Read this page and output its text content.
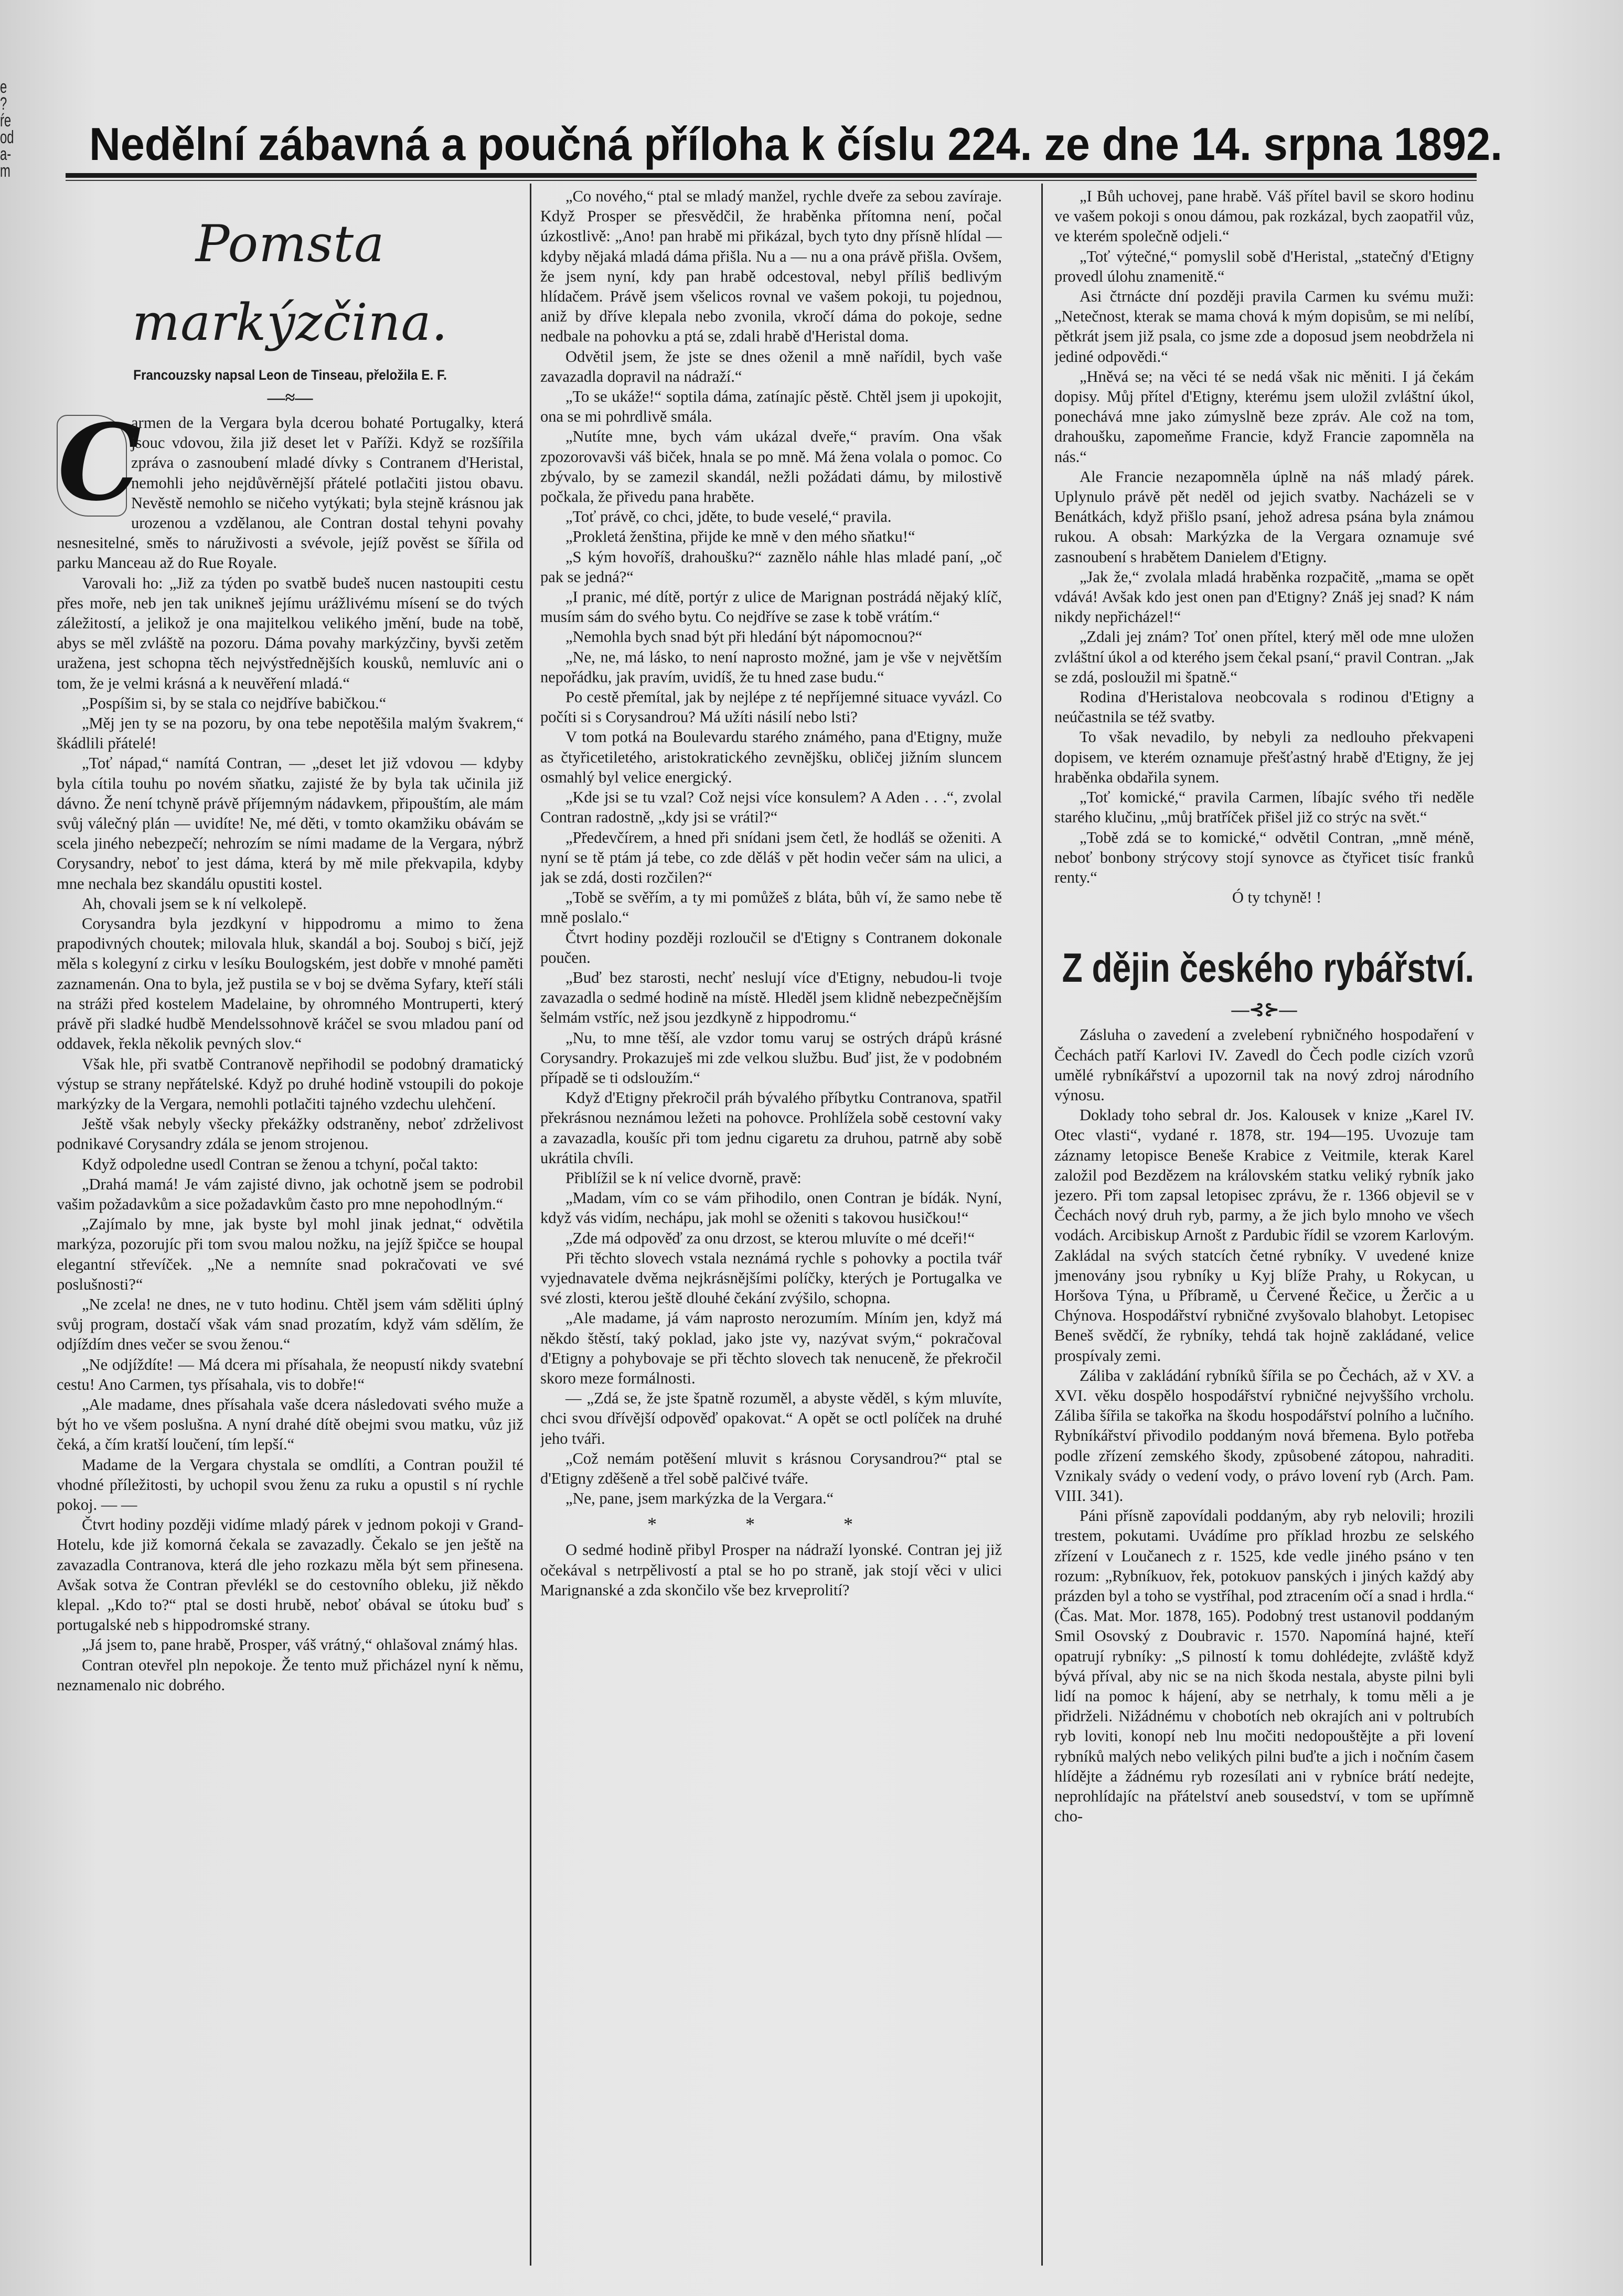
e
?
ŕe
od
a-
m
Nedělní zábavná a poučná příloha k číslu 224. ze dne 14. srpna 1892.
Pomsta markýzčina.
Francouzsky napsal Leon de Tinseau, přeložila E. F.
—≈—
C

armen de la Vergara byla dcerou bohaté Portugalky, která jsouc vdovou, žila již deset let v Paříži. Když se rozšířila zpráva o zasnoubení mladé dívky s Contranem d'Heristal, nemohli jeho nejdůvěrnější přátelé potlačiti jistou obavu. Nevěstě nemohlo se ničeho vytýkati; byla stejně krásnou jak urozenou a vzdělanou, ale Contran dostal tehyni povahy nesnesitelné, směs to náruživosti a svévole, jejíž pověst se šířila od parku Manceau až do Rue Royale.

Varovali ho: „Již za týden po svatbě budeš nucen nastoupiti cestu přes moře, neb jen tak unikneš jejímu urážlivému mísení se do tvých záležitostí, a jelikož je ona majitelkou velikého jmění, bude na tobě, abys se měl zvláště na pozoru. Dáma povahy markýzčiny, byvši zetěm uražena, jest schopna těch nejvýstřednějších kousků, nemluvíc ani o tom, že je velmi krásná a k neuvěření mladá.“

„Pospíšim si, by se stala co nejdříve babičkou.“

„Měj jen ty se na pozoru, by ona tebe nepotěšila malým švakrem,“ škádlili přátelé!

„Toť nápad,“ namítá Contran, — „deset let již vdovou — kdyby byla cítila touhu po novém sňatku, zajisté že by byla tak učinila již dávno. Že není tchyně právě příjemným nádavkem, připouštím, ale mám svůj válečný plán — uvidíte! Ne, mé děti, v tomto okamžiku obávám se scela jiného nebezpečí; nehrozím se ními madame de la Vergara, nýbrž Corysandry, neboť to jest dáma, která by mě mile překvapila, kdyby mne nechala bez skandálu opustiti kostel.

Ah, chovali jsem se k ní velkolepě.

Corysandra byla jezdkyní v hippodromu a mimo to žena prapodivných choutek; milovala hluk, skandál a boj. Souboj s bičí, jejž měla s kolegyní z cirku v lesíku Boulogském, jest dobře v mnohé paměti zaznamenán. Ona to byla, jež pustila se v boj se dvěma Syfary, kteří stáli na stráži před kostelem Madelaine, by ohromného Montruperti, který právě při sladké hudbě Mendelssohnově kráčel se svou mladou paní od oddavek, řekla několik pevných slov.“

Však hle, při svatbě Contranově nepřihodil se podobný dramatický výstup se strany nepřátelské. Když po druhé hodině vstoupili do pokoje markýzky de la Vergara, nemohli potlačiti tajného vzdechu ulehčení.

Ještě však nebyly všecky překážky odstraněny, neboť zdrželivost podnikavé Corysandry zdála se jenom strojenou.

Když odpoledne usedl Contran se ženou a tchyní, počal takto:

„Drahá mamá! Je vám zajisté divno, jak ochotně jsem se podrobil vašim požadavkům a sice požadavkům často pro mne nepohodlným.“

„Zajímalo by mne, jak byste byl mohl jinak jednat,“ odvětila markýza, pozorujíc při tom svou malou nožku, na jejíž špičce se houpal elegantní střevíček. „Ne a nemníte snad pokračovati ve své poslušnosti?“

„Ne zcela! ne dnes, ne v tuto hodinu. Chtěl jsem vám sděliti úplný svůj program, dostačí však vám snad prozatím, když vám sdělím, že odjíždím dnes večer se svou ženou.“

„Ne odjíždíte! — Má dcera mi přísahala, že neopustí nikdy svatební cestu! Ano Carmen, tys přísahala, vis to dobře!“

„Ale madame, dnes přísahala vaše dcera následovati svého muže a být ho ve všem poslušna. A nyní drahé dítě obejmi svou matku, vůz již čeká, a čím kratší loučení, tím lepší.“

Madame de la Vergara chystala se omdlíti, a Contran použil té vhodné příležitosti, by uchopil svou ženu za ruku a opustil s ní rychle pokoj. — —

Čtvrt hodiny později vidíme mladý párek v jednom pokoji v Grand-Hotelu, kde již komorná čekala se zavazadly. Čekalo se jen ještě na zavazadla Contranova, která dle jeho rozkazu měla být sem přinesena. Avšak sotva že Contran převlékl se do cestovního obleku, již někdo klepal. „Kdo to?“ ptal se dosti hrubě, neboť obával se útoku buď s portugalské neb s hippodromské strany.

„Já jsem to, pane hrabě, Prosper, váš vrátný,“ ohlašoval známý hlas.

Contran otevřel pln nepokoje. Že tento muž přicházel nyní k němu, neznamenalo nic dobrého.

„Co nového,“ ptal se mladý manžel, rychle dveře za sebou zavíraje. Když Prosper se přesvědčil, že hraběnka přítomna není, počal úzkostlivě: „Ano! pan hrabě mi přikázal, bych tyto dny přísně hlídal — kdyby nějaká mladá dáma přišla. Nu a — nu a ona právě přišla. Ovšem, že jsem nyní, kdy pan hrabě odcestoval, nebyl příliš bedlivým hlídačem. Právě jsem všelicos rovnal ve vašem pokoji, tu pojednou, aniž by dříve klepala nebo zvonila, vkročí dáma do pokoje, sedne nedbale na pohovku a ptá se, zdali hrabě d'Heristal doma.

Odvětil jsem, že jste se dnes oženil a mně nařídil, bych vaše zavazadla dopravil na nádraží.“

„To se ukáže!“ soptila dáma, zatínajíc pěstě. Chtěl jsem ji upokojit, ona se mi pohrdlivě smála.

„Nutíte mne, bych vám ukázal dveře,“ pravím. Ona však zpozorovavši váš biček, hnala se po mně. Má žena volala o pomoc. Co zbývalo, by se zamezil skandál, nežli požádati dámu, by milostivě počkala, že přivedu pana hraběte.

„Toť právě, co chci, jděte, to bude veselé,“ pravila.

„Prokletá ženština, přijde ke mně v den mého sňatku!“

„S kým hovoříš, drahoušku?“ zaznělo náhle hlas mladé paní, „oč pak se jedná?“

„I pranic, mé dítě, portýr z ulice de Marignan postrádá nějaký klíč, musím sám do svého bytu. Co nejdříve se zase k tobě vrátím.“

„Nemohla bych snad být při hledání být nápomocnou?“

„Ne, ne, má lásko, to není naprosto možné, jam je vše v největším nepořádku, jak pravím, uvidíš, že tu hned zase budu.“

Po cestě přemítal, jak by nejlépe z té nepříjemné situace vyvázl. Co počíti si s Corysandrou? Má užíti násilí nebo lsti?

V tom potká na Boulevardu starého známého, pana d'Etigny, muže as čtyřicetiletého, aristokratického zevnějšku, obličej jižním sluncem osmahlý byl velice energický.

„Kde jsi se tu vzal? Což nejsi více konsulem? A Aden . . .“, zvolal Contran radostně, „kdy jsi se vrátil?“

„Předevčírem, a hned při snídani jsem četl, že hodláš se oženiti. A nyní se tě ptám já tebe, co zde děláš v pět hodin večer sám na ulici, a jak se zdá, dosti rozčilen?“

„Tobě se svěřím, a ty mi pomůžeš z bláta, bůh ví, že samo nebe tě mně poslalo.“

Čtvrt hodiny později rozloučil se d'Etigny s Contranem dokonale poučen.

„Buď bez starosti, nechť neslují více d'Etigny, nebudou-li tvoje zavazadla o sedmé hodině na místě. Hleděl jsem klidně nebezpečnějším šelmám vstříc, než jsou jezdkyně z hippodromu.“

„Nu, to mne těší, ale vzdor tomu varuj se ostrých drápů krásné Corysandry. Prokazuješ mi zde velkou službu. Buď jist, že v podobném případě se ti odsloužím.“

Když d'Etigny překročil práh bývalého příbytku Contranova, spatřil překrásnou neznámou ležeti na pohovce. Prohlížela sobě cestovní vaky a zavazadla, koušíc při tom jednu cigaretu za druhou, patrně aby sobě ukrátila chvíli.

Přiblížil se k ní velice dvorně, pravě:

„Madam, vím co se vám přihodilo, onen Contran je bídák. Nyní, když vás vidím, nechápu, jak mohl se oženiti s takovou husičkou!“

„Zde má odpověď za onu drzost, se kterou mluvíte o mé dceři!“

Při těchto slovech vstala neznámá rychle s pohovky a poctila tvář vyjednavatele dvěma nejkrásnějšími políčky, kterých je Portugalka ve své zlosti, kterou ještě dlouhé čekání zvýšilo, schopna.

„Ale madame, já vám naprosto nerozumím. Míním jen, když má někdo štěstí, taký poklad, jako jste vy, nazývat svým,“ pokračoval d'Etigny a pohybovaje se při těchto slovech tak nenuceně, že překročil skoro meze formálnosti.

— „Zdá se, že jste špatně rozuměl, a abyste věděl, s kým mluvíte, chci svou dřívější odpověď opakovat.“ A opět se octl políček na druhé jeho tváři.

„Což nemám potěšení mluvit s krásnou Corysandrou?“ ptal se d'Etigny zděšeně a třel sobě palčivé tváře.

„Ne, pane, jsem markýzka de la Vergara.“

* * *

O sedmé hodině přibyl Prosper na nádraží lyonské. Contran jej již očekával s netrpělivostí a ptal se ho po straně, jak stojí věci v ulici Marignanské a zda skončilo vše bez krveprolití?

„I Bůh uchovej, pane hrabě. Váš přítel bavil se skoro hodinu ve vašem pokoji s onou dámou, pak rozkázal, bych zaopatřil vůz, ve kterém společně odjeli.“

„Toť výtečné,“ pomyslil sobě d'Heristal, „statečný d'Etigny provedl úlohu znamenitě.“

Asi čtrnácte dní později pravila Carmen ku svému muži: „Netečnost, kterak se mama chová k mým dopisům, se mi nelíbí, pětkrát jsem již psala, co jsme zde a doposud jsem neobdržela ni jediné odpovědi.“

„Hněvá se; na věci té se nedá však nic měniti. I já čekám dopisy. Můj přítel d'Etigny, kterému jsem uložil zvláštní úkol, ponechává mne jako zúmyslně beze zpráv. Ale což na tom, drahoušku, zapomeňme Francie, když Francie zapomněla na nás.“

Ale Francie nezapomněla úplně na náš mladý párek. Uplynulo právě pět neděl od jejich svatby. Nacházeli se v Benátkách, když přišlo psaní, jehož adresa psána byla známou rukou. A obsah: Markýzka de la Vergara oznamuje své zasnoubení s hrabětem Danielem d'Etigny.

„Jak že,“ zvolala mladá hraběnka rozpačitě, „mama se opět vdává! Avšak kdo jest onen pan d'Etigny? Znáš jej snad? K nám nikdy nepřicházel!“

„Zdali jej znám? Toť onen přítel, který měl ode mne uložen zvláštní úkol a od kterého jsem čekal psaní,“ pravil Contran. „Jak se zdá, posloužil mi špatně.“

Rodina d'Heristalova neobcovala s rodinou d'Etigny a neúčastnila se též svatby.

To však nevadilo, by nebyli za nedlouho překvapeni dopisem, ve kterém oznamuje přešťastný hrabě d'Etigny, že jej hraběnka obdařila synem.

„Toť komické,“ pravila Carmen, líbajíc svého tři neděle starého klučinu, „můj bratříček přišel již co strýc na svět.“

„Tobě zdá se to komické,“ odvětil Contran, „mně méně, neboť bonbony strýcovy stojí synovce as čtyřicet tisíc franků renty.“

Ó ty tchyně! !

Z dějin českého rybářství.
—⊰⊱—

Zásluha o zavedení a zvelebení rybničného hospodaření v Čechách patří Karlovi IV. Zavedl do Čech podle cizích vzorů umělé rybníkářství a upozornil tak na nový zdroj národního výnosu.

Doklady toho sebral dr. Jos. Kalousek v knize „Karel IV. Otec vlasti“, vydané r. 1878, str. 194—195. Uvozuje tam záznamy letopisce Beneše Krabice z Veitmile, kterak Karel založil pod Bezdězem na královském statku veliký rybník jako jezero. Při tom zapsal letopisec zprávu, že r. 1366 objevil se v Čechách nový druh ryb, parmy, a že jich bylo mnoho ve všech vodách. Arcibiskup Arnošt z Pardubic řídil se vzorem Karlovým. Zakládal na svých statcích četné rybníky. V uvedené knize jmenovány jsou rybníky u Kyj blíže Prahy, u Rokycan, u Horšova Týna, u Příbramě, u Červené Řečice, u Žerčic a u Chýnova. Hospodářství rybničné zvyšovalo blahobyt. Letopisec Beneš svědčí, že rybníky, tehdá tak hojně zakládané, velice prospívaly zemi.

Záliba v zakládání rybníků šířila se po Čechách, až v XV. a XVI. věku dospělo hospodářství rybničné nejvyššího vrcholu. Záliba šířila se takořka na škodu hospodářství polního a lučního. Rybníkářství přivodilo poddaným nová břemena. Bylo potřeba podle zřízení zemského škody, způsobené zátopou, nahraditi. Vznikaly svády o vedení vody, o právo lovení ryb (Arch. Pam. VIII. 341).

Páni přísně zapovídali poddaným, aby ryb nelovili; hrozili trestem, pokutami. Uvádíme pro příklad hrozbu ze selského zřízení v Loučanech z r. 1525, kde vedle jiného psáno v ten rozum: „Rybníkuov, řek, potokuov panských i jiných každý aby prázden byl a toho se vystříhal, pod ztracením očí a snad i hrdla.“ (Čas. Mat. Mor. 1878, 165). Podobný trest ustanovil poddaným Smil Osovský z Doubravic r. 1570. Napomíná hajné, kteří opatrují rybníky: „S pilností k tomu dohlédejte, zvláště když bývá příval, aby nic se na nich škoda nestala, abyste pilni byli lidí na pomoc k hájení, aby se netrhaly, k tomu měli a je přidrželi. Nižádnému v chobotích neb okrajích ani v poltrubích ryb loviti, konopí neb lnu močiti nedopouštějte a při lovení rybníků malých nebo velikých pilni buďte a jich i nočním časem hlídějte a žádnému ryb rozesílati ani v rybníce brátí nedejte, neprohlídajíc na přátelství aneb sousedství, v tom se upřímně cho-
